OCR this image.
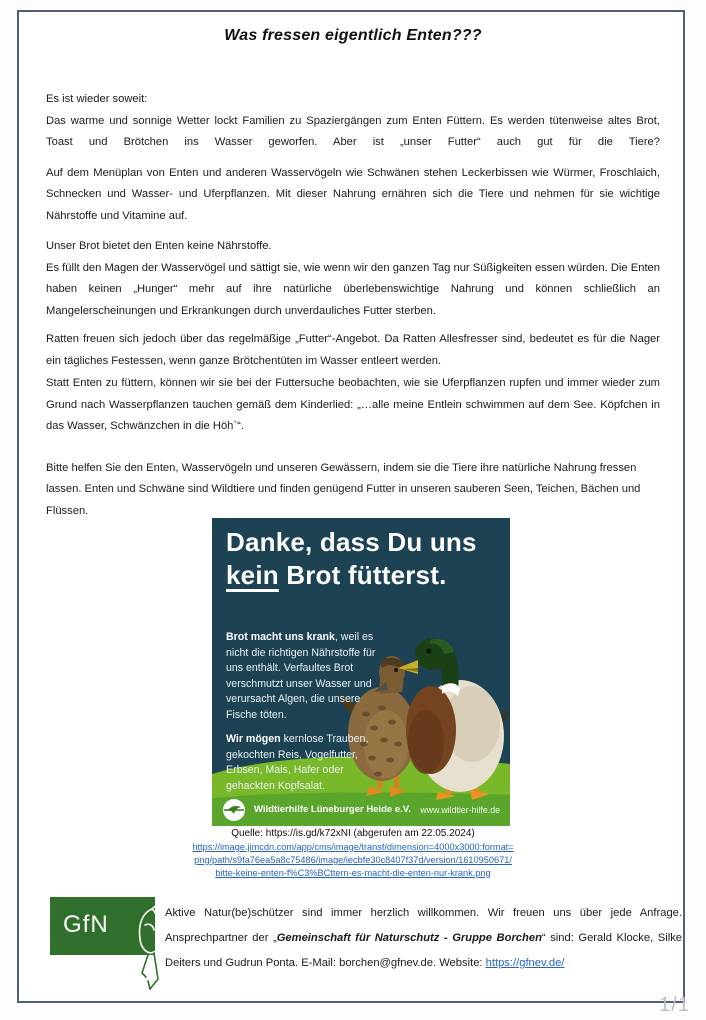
Was fressen eigentlich Enten???

Es ist wieder soweit:

Das warme und sonnige Wetter lockt Familien zu Spaziergängen zum Enten Füttern. Es werden tütenweise altes Brot, Toast und Brötchen ins Wasser geworfen. Aber ist „unser Futter“ auch gut für die Tiere?

Auf dem Menüplan von Enten und anderen Wasservögeln wie Schwänen stehen Leckerbissen wie Würmer, Froschlaich, Schnecken und Wasser- und Uferpflanzen. Mit dieser Nahrung ernähren sich die Tiere und nehmen für sie wichtige Nährstoffe und Vitamine auf.

Unser Brot bietet den Enten keine Nährstoffe.

Es füllt den Magen der Wasservögel und sättigt sie, wie wenn wir den ganzen Tag nur Süßigkeiten essen würden. Die Enten haben keinen „Hunger“ mehr auf ihre natürliche überlebenswichtige Nahrung und können schließlich an Mangelerscheinungen und Erkrankungen durch unverdauliches Futter sterben.

Ratten freuen sich jedoch über das regelmäßige „Futter“-Angebot. Da Ratten Allesfresser sind, bedeutet es für die Nager ein tägliches Festessen, wenn ganze Brötchentüten im Wasser entleert werden.

Statt Enten zu füttern, können wir sie bei der Futtersuche beobachten, wie sie Uferpflanzen rupfen und immer wieder zum Grund nach Wasserpflanzen tauchen gemäß dem Kinderlied: „…alle meine Entlein schwimmen auf dem See. Köpfchen in das Wasser, Schwänzchen in die Höh`“.

Bitte helfen Sie den Enten, Wasservögeln und unseren Gewässern, indem sie die Tiere ihre natürliche Nahrung fressen lassen. Enten und Schwäne sind Wildtiere und finden genügend Futter in unseren sauberen Seen, Teichen, Bächen und Flüssen.

Danke, dass Du uns
kein Brot fütterst.

Brot macht uns krank, weil es nicht die richtigen Nährstoffe für uns enthält. Verfaultes Brot verschmutzt unser Wasser und verursacht Algen, die unsere Fische töten.

Wir mögen kernlose Trauben, gekochten Reis, Vogelfutter, Erbsen, Mais, Hafer oder gehackten Kopfsalat.

Wildtierhilfe Lüneburger Heide e.V. www.wildtier-hilfe.de

Quelle: https://is.gd/k72xNI (abgerufen am 22.05.2024)

https://image.jimcdn.com/app/cms/image/transf/dimension=4000x3000:format=
png/path/s9fa76ea5a8c75486/image/iecbfe30c8407f37d/version/1610950671/
bitte-keine-enten-f%C3%BCttern-es-macht-die-enten-nur-krank.png
GfN	Aktive Natur(be)schützer sind immer herzlich willkommen. Wir freuen uns über jede Anfrage. Ansprechpartner der „Gemeinschaft für Naturschutz - Gruppe Borchen“ sind: Gerald Klocke, Silke Deiters und Gudrun Ponta. E-Mail: borchen@gfnev.de. Website: https://gfnev.de/

1/1
